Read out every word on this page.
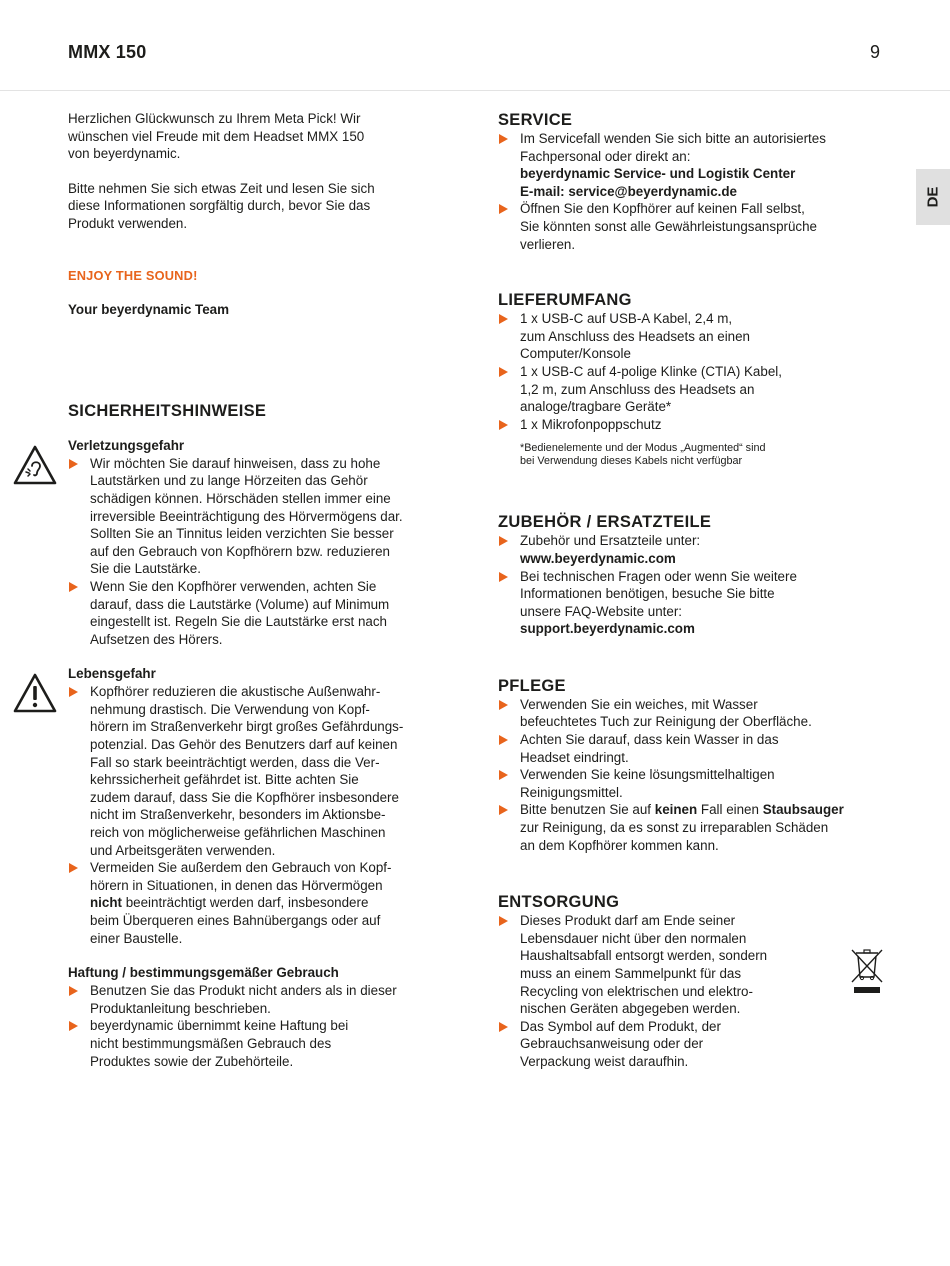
MMX 150	9
DE
Herzlichen Glückwunsch zu Ihrem Meta Pick! Wir
wünschen viel Freude mit dem Headset MMX 150
von beyerdynamic.
Bitte nehmen Sie sich etwas Zeit und lesen Sie sich
diese Informationen sorgfältig durch, bevor Sie das
Produkt verwenden.
ENJOY THE SOUND!
Your beyerdynamic Team
SICHERHEITSHINWEISE
Verletzungsgefahr
Wir möchten Sie darauf hinweisen, dass zu hohe
Lautstärken und zu lange Hörzeiten das Gehör
schädigen können. Hörschäden stellen immer eine
irreversible Beeinträchtigung des Hörvermögens dar.
Sollten Sie an Tinnitus leiden verzichten Sie besser
auf den Gebrauch von Kopfhörern bzw. reduzieren
Sie die Lautstärke.
Wenn Sie den Kopfhörer verwenden, achten Sie
darauf, dass die Lautstärke (Volume) auf Minimum
eingestellt ist. Regeln Sie die Lautstärke erst nach
Aufsetzen des Hörers.
Lebensgefahr
Kopfhörer reduzieren die akustische Außenwahr-
nehmung drastisch. Die Verwendung von Kopf-
hörern im Straßenverkehr birgt großes Gefährdungs-
potenzial. Das Gehör des Benutzers darf auf keinen
Fall so stark beeinträchtigt werden, dass die Ver-
kehrssicherheit gefährdet ist. Bitte achten Sie
zudem darauf, dass Sie die Kopfhörer insbesondere
nicht im Straßenverkehr, besonders im Aktionsbe-
reich von möglicherweise gefährlichen Maschinen
und Arbeitsgeräten verwenden.
Vermeiden Sie außerdem den Gebrauch von Kopf-
hörern in Situationen, in denen das Hörvermögen
nicht beeinträchtigt werden darf, insbesondere
beim Überqueren eines Bahnübergangs oder auf
einer Baustelle.
Haftung / bestimmungsgemäßer Gebrauch
Benutzen Sie das Produkt nicht anders als in dieser
Produktanleitung beschrieben.
beyerdynamic übernimmt keine Haftung bei
nicht bestimmungsmäßen Gebrauch des
Produktes sowie der Zubehörteile.
SERVICE
Im Servicefall wenden Sie sich bitte an autorisiertes
Fachpersonal oder direkt an:
beyerdynamic Service- und Logistik Center
E-mail: service@beyerdynamic.de
Öffnen Sie den Kopfhörer auf keinen Fall selbst,
Sie könnten sonst alle Gewährleistungsansprüche
verlieren.
LIEFERUMFANG
1 x USB-C auf USB-A Kabel, 2,4 m,
zum Anschluss des Headsets an einen
Computer/Konsole
1 x USB-C auf 4-polige Klinke (CTIA) Kabel,
1,2 m, zum Anschluss des Headsets an
analoge/tragbare Geräte*
1 x Mikrofonpoppschutz
*Bedienelemente und der Modus „Augmented“ sind
bei Verwendung dieses Kabels nicht verfügbar
ZUBEHÖR / ERSATZTEILE
Zubehör und Ersatzteile unter:
www.beyerdynamic.com
Bei technischen Fragen oder wenn Sie weitere
Informationen benötigen, besuche Sie bitte
unsere FAQ-Website unter:
support.beyerdynamic.com
PFLEGE
Verwenden Sie ein weiches, mit Wasser
befeuchtetes Tuch zur Reinigung der Oberfläche.
Achten Sie darauf, dass kein Wasser in das
Headset eindringt.
Verwenden Sie keine lösungsmittelhaltigen
Reinigungsmittel.
Bitte benutzen Sie auf keinen Fall einen Staubsauger
zur Reinigung, da es sonst zu irreparablen Schäden
an dem Kopfhörer kommen kann.
ENTSORGUNG
Dieses Produkt darf am Ende seiner
Lebensdauer nicht über den normalen
Haushaltsabfall entsorgt werden, sondern
muss an einem Sammelpunkt für das
Recycling von elektrischen und elektro-
nischen Geräten abgegeben werden.
Das Symbol auf dem Produkt, der
Gebrauchsanweisung oder der
Verpackung weist daraufhin.
